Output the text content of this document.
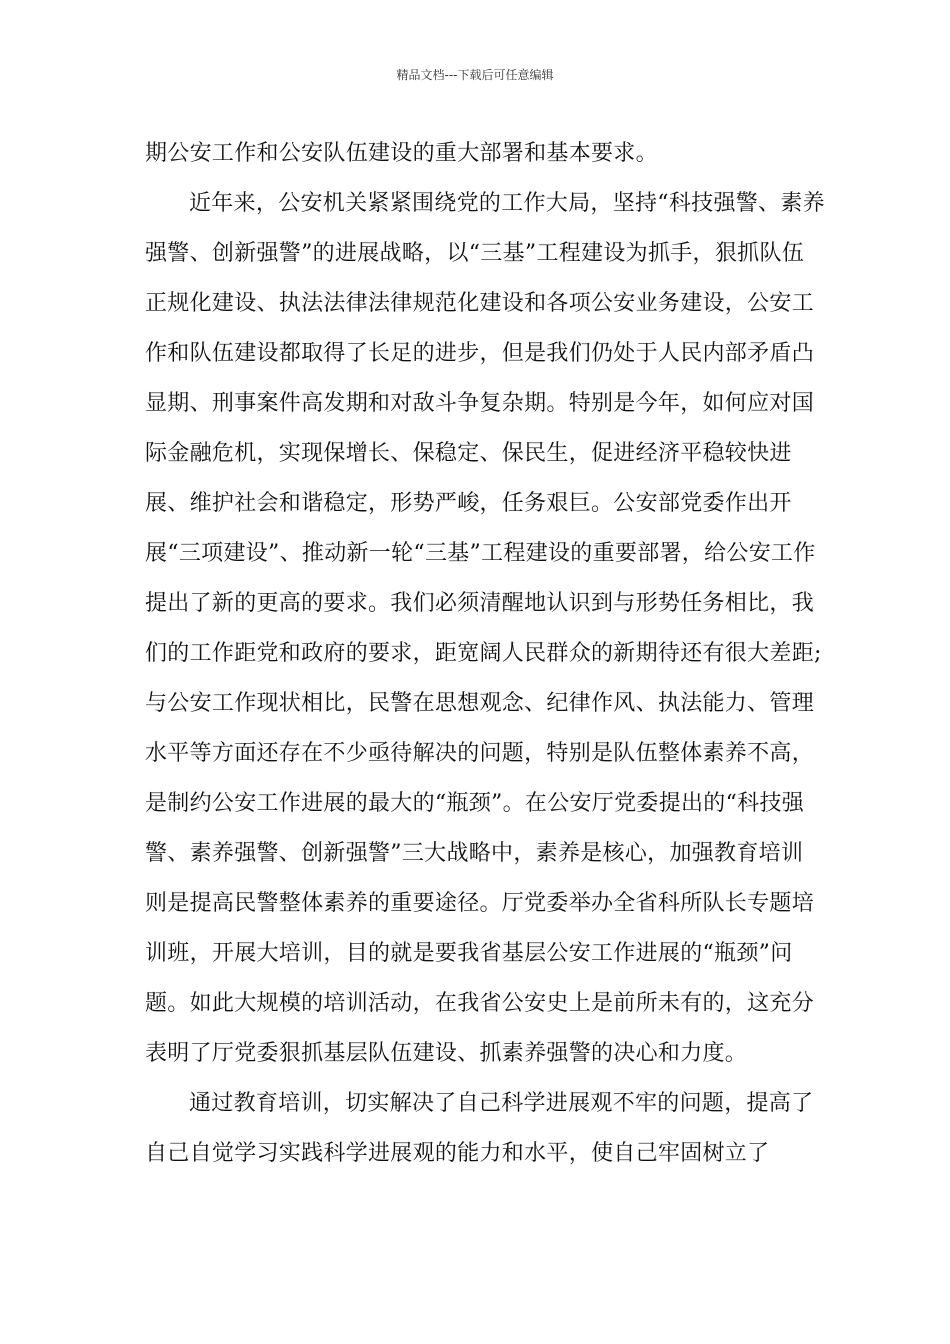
精品文档---下载后可任意编辑

期公安工作和公安队伍建设的重大部署和基本要求。

近年来，公安机关紧紧围绕党的工作大局，坚持“科技强警、素养强警、创新强警”的进展战略，以“三基”工程建设为抓手，狠抓队伍正规化建设、执法法律法律规范化建设和各项公安业务建设，公安工作和队伍建设都取得了长足的进步，但是我们仍处于人民内部矛盾凸显期、刑事案件高发期和对敌斗争复杂期。特别是今年，如何应对国际金融危机，实现保增长、保稳定、保民生，促进经济平稳较快进展、维护社会和谐稳定，形势严峻，任务艰巨。公安部党委作出开展“三项建设”、推动新一轮“三基”工程建设的重要部署，给公安工作提出了新的更高的要求。我们必须清醒地认识到与形势任务相比，我们的工作距党和政府的要求，距宽阔人民群众的新期待还有很大差距;与公安工作现状相比，民警在思想观念、纪律作风、执法能力、管理水平等方面还存在不少亟待解决的问题，特别是队伍整体素养不高，是制约公安工作进展的最大的“瓶颈”。在公安厅党委提出的“科技强警、素养强警、创新强警”三大战略中，素养是核心，加强教育培训则是提高民警整体素养的重要途径。厅党委举办全省科所队长专题培训班，开展大培训，目的就是要我省基层公安工作进展的“瓶颈”问题。如此大规模的培训活动，在我省公安史上是前所未有的，这充分表明了厅党委狠抓基层队伍建设、抓素养强警的决心和力度。

通过教育培训，切实解决了自己科学进展观不牢的问题，提高了自己自觉学习实践科学进展观的能力和水平，使自己牢固树立了
